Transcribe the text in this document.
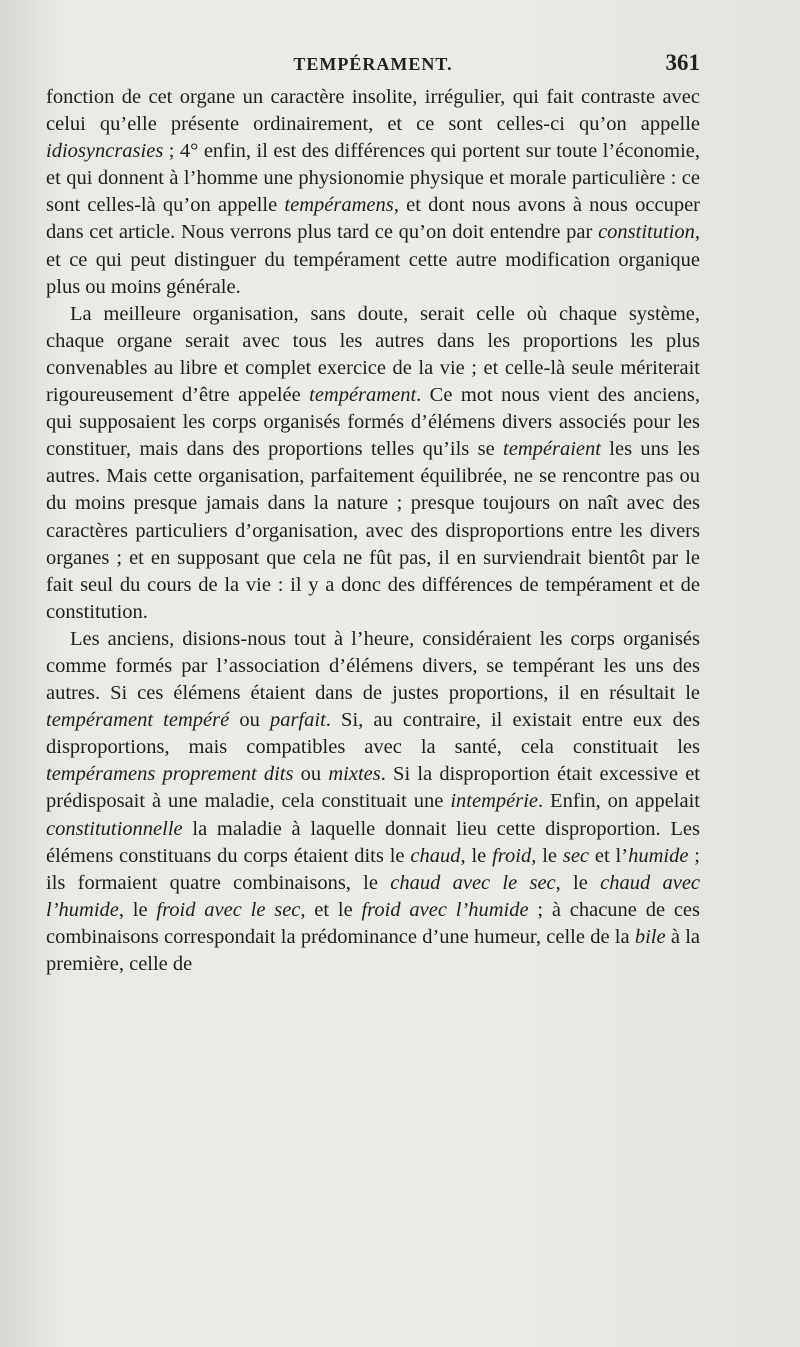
TEMPÉRAMENT.	361

fonction de cet organe un caractère insolite, irrégulier, qui fait contraste avec celui qu’elle présente ordinairement, et ce sont celles-ci qu’on appelle idiosyncrasies ; 4° enfin, il est des différences qui portent sur toute l’économie, et qui donnent à l’homme une physionomie physique et morale particulière : ce sont celles-là qu’on appelle tempéramens, et dont nous avons à nous occuper dans cet article. Nous verrons plus tard ce qu’on doit entendre par constitution, et ce qui peut distinguer du tempérament cette autre modification organique plus ou moins générale.

La meilleure organisation, sans doute, serait celle où chaque système, chaque organe serait avec tous les autres dans les proportions les plus convenables au libre et complet exercice de la vie ; et celle-là seule mériterait rigoureusement d’être appelée tempérament. Ce mot nous vient des anciens, qui supposaient les corps organisés formés d’élémens divers associés pour les constituer, mais dans des proportions telles qu’ils se tempéraient les uns les autres. Mais cette organisation, parfaitement équilibrée, ne se rencontre pas ou du moins presque jamais dans la nature ; presque toujours on naît avec des caractères particuliers d’organisation, avec des disproportions entre les divers organes ; et en supposant que cela ne fût pas, il en surviendrait bientôt par le fait seul du cours de la vie : il y a donc des différences de tempérament et de constitution.

Les anciens, disions-nous tout à l’heure, considéraient les corps organisés comme formés par l’association d’élémens divers, se tempérant les uns des autres. Si ces élémens étaient dans de justes proportions, il en résultait le tempérament tempéré ou parfait. Si, au contraire, il existait entre eux des disproportions, mais compatibles avec la santé, cela constituait les tempéramens proprement dits ou mixtes. Si la disproportion était excessive et prédisposait à une maladie, cela constituait une intempérie. Enfin, on appelait constitutionnelle la maladie à laquelle donnait lieu cette disproportion. Les élémens constituans du corps étaient dits le chaud, le froid, le sec et l’humide ; ils formaient quatre combinaisons, le chaud avec le sec, le chaud avec l’humide, le froid avec le sec, et le froid avec l’humide ; à chacune de ces combinaisons correspondait la prédominance d’une humeur, celle de la bile à la première, celle de
